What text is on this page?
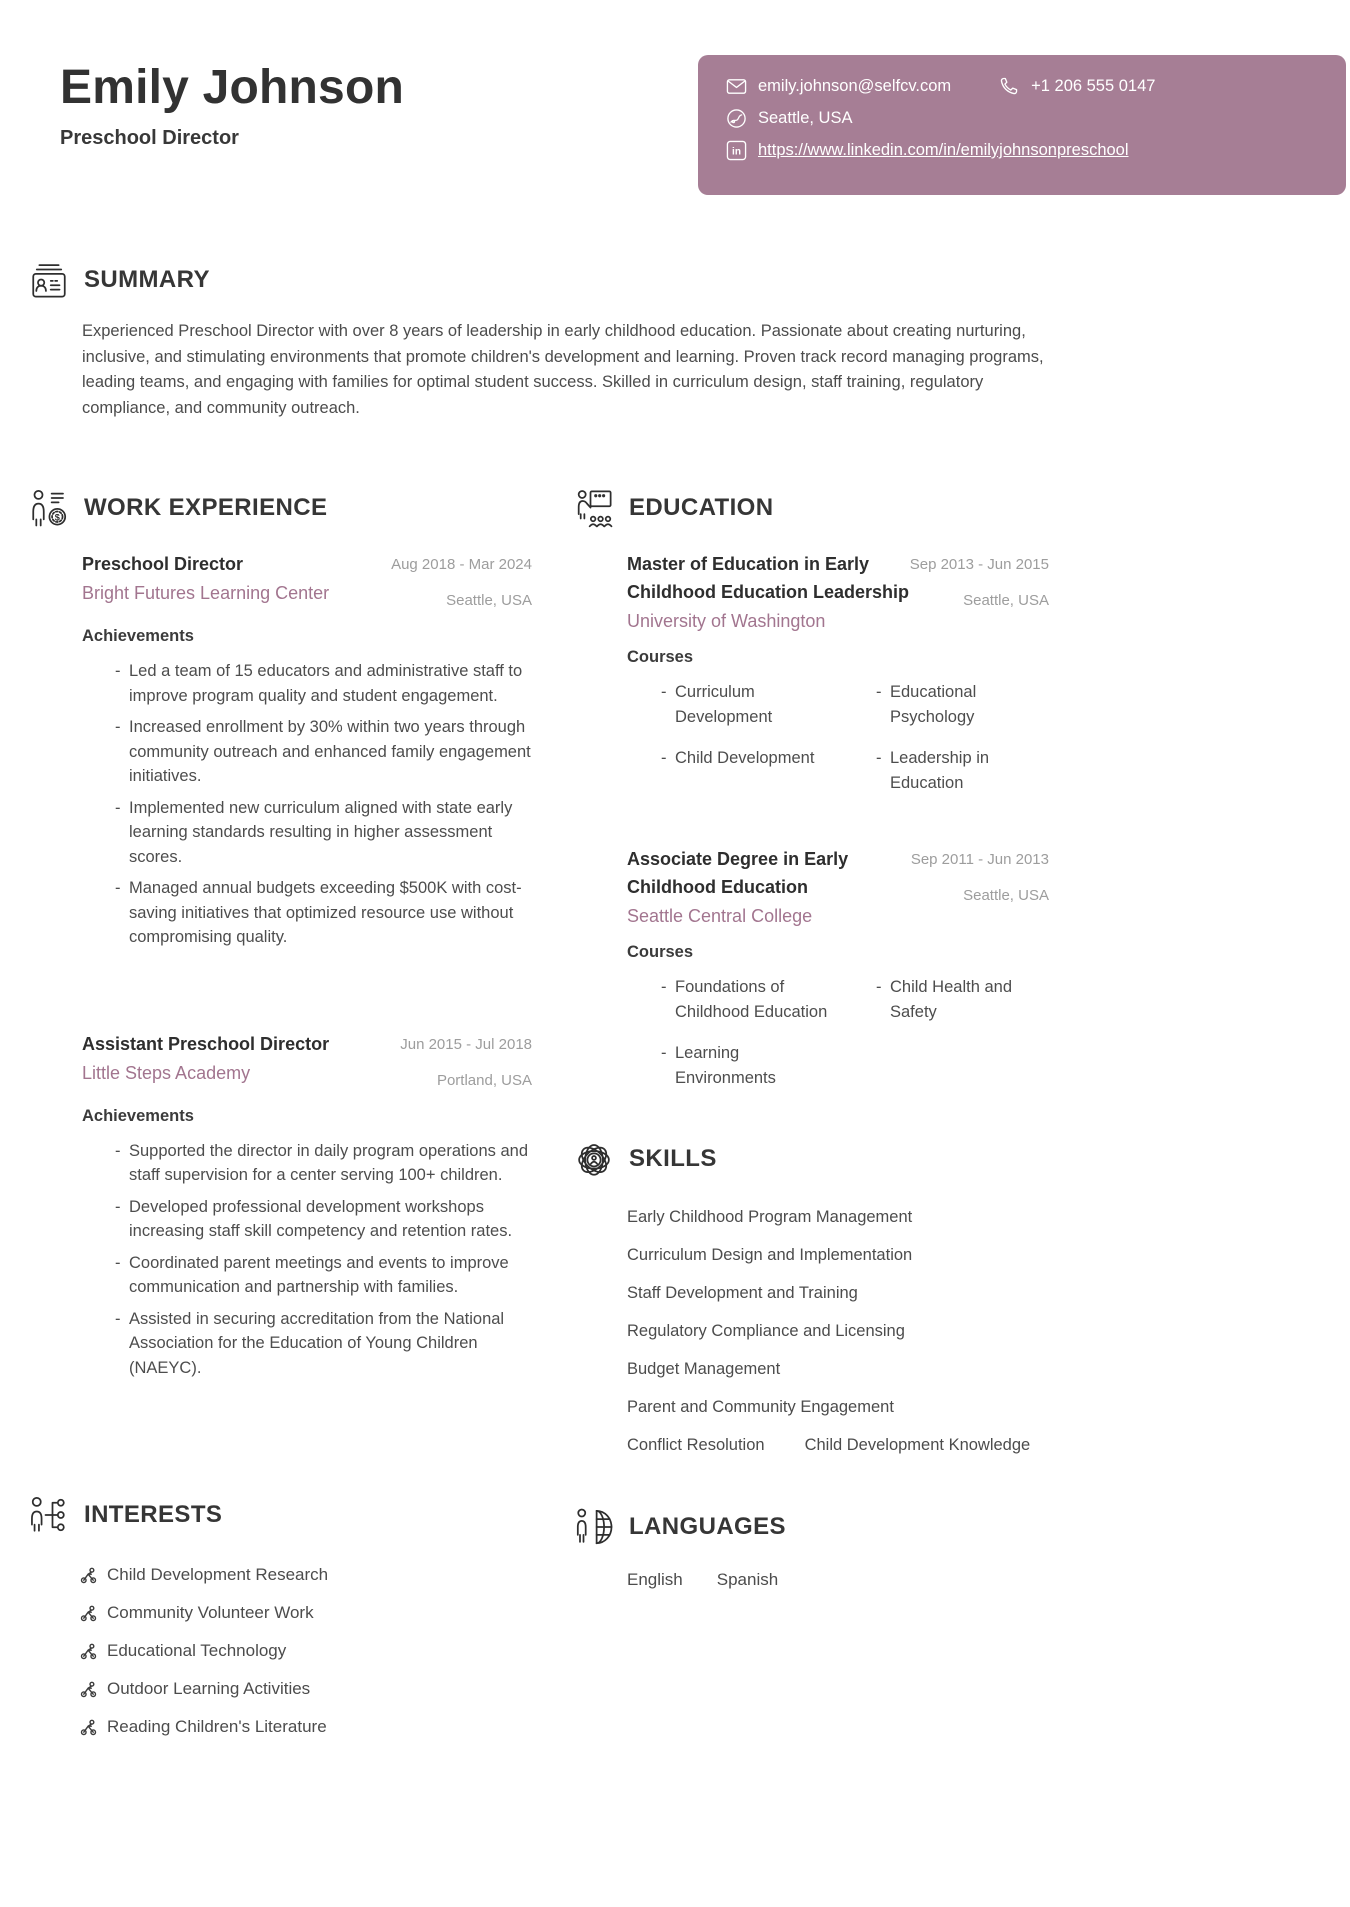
Emily Johnson
Preschool Director
emily.johnson@selfcv.com	+1 206 555 0147
Seattle, USA
in https://www.linkedin.com/in/emilyjohnsonpreschool
SUMMARY

Experienced Preschool Director with over 8 years of leadership in early childhood education. Passionate about creating nurturing, inclusive, and stimulating environments that promote children's development and learning. Proven track record managing programs, leading teams, and engaging with families for optimal student success. Skilled in curriculum design, staff training, regulatory compliance, and community outreach.

$ WORK EXPERIENCE
Preschool Director
Bright Futures Learning Center
Aug 2018 - Mar 2024
Seattle, USA
Achievements
- Led a team of 15 educators and administrative staff to improve program quality and student engagement.
- Increased enrollment by 30% within two years through community outreach and enhanced family engagement initiatives.
- Implemented new curriculum aligned with state early learning standards resulting in higher assessment scores.
- Managed annual budgets exceeding $500K with cost-saving initiatives that optimized resource use without compromising quality.
Assistant Preschool Director
Little Steps Academy
Jun 2015 - Jul 2018
Portland, USA
Achievements
- Supported the director in daily program operations and staff supervision for a center serving 100+ children.
- Developed professional development workshops increasing staff skill competency and retention rates.
- Coordinated parent meetings and events to improve communication and partnership with families.
- Assisted in securing accreditation from the National Association for the Education of Young Children (NAEYC).
INTERESTS
Child Development Research
Community Volunteer Work
Educational Technology
Outdoor Learning Activities
Reading Children's Literature
EDUCATION
Master of Education in Early Childhood Education Leadership
University of Washington
Sep 2013 - Jun 2015
Seattle, USA
Courses
- Curriculum Development
- Educational Psychology
- Child Development	- Leadership in Education
Associate Degree in Early Childhood Education
Seattle Central College
Sep 2011 - Jun 2013
Seattle, USA
Courses
- Foundations of Childhood Education
- Child Health and Safety
- Learning Environments
SKILLS
Early Childhood Program Management
Curriculum Design and Implementation
Staff Development and Training
Regulatory Compliance and Licensing
Budget Management
Parent and Community Engagement
Conflict Resolution Child Development Knowledge
LANGUAGES
English Spanish
